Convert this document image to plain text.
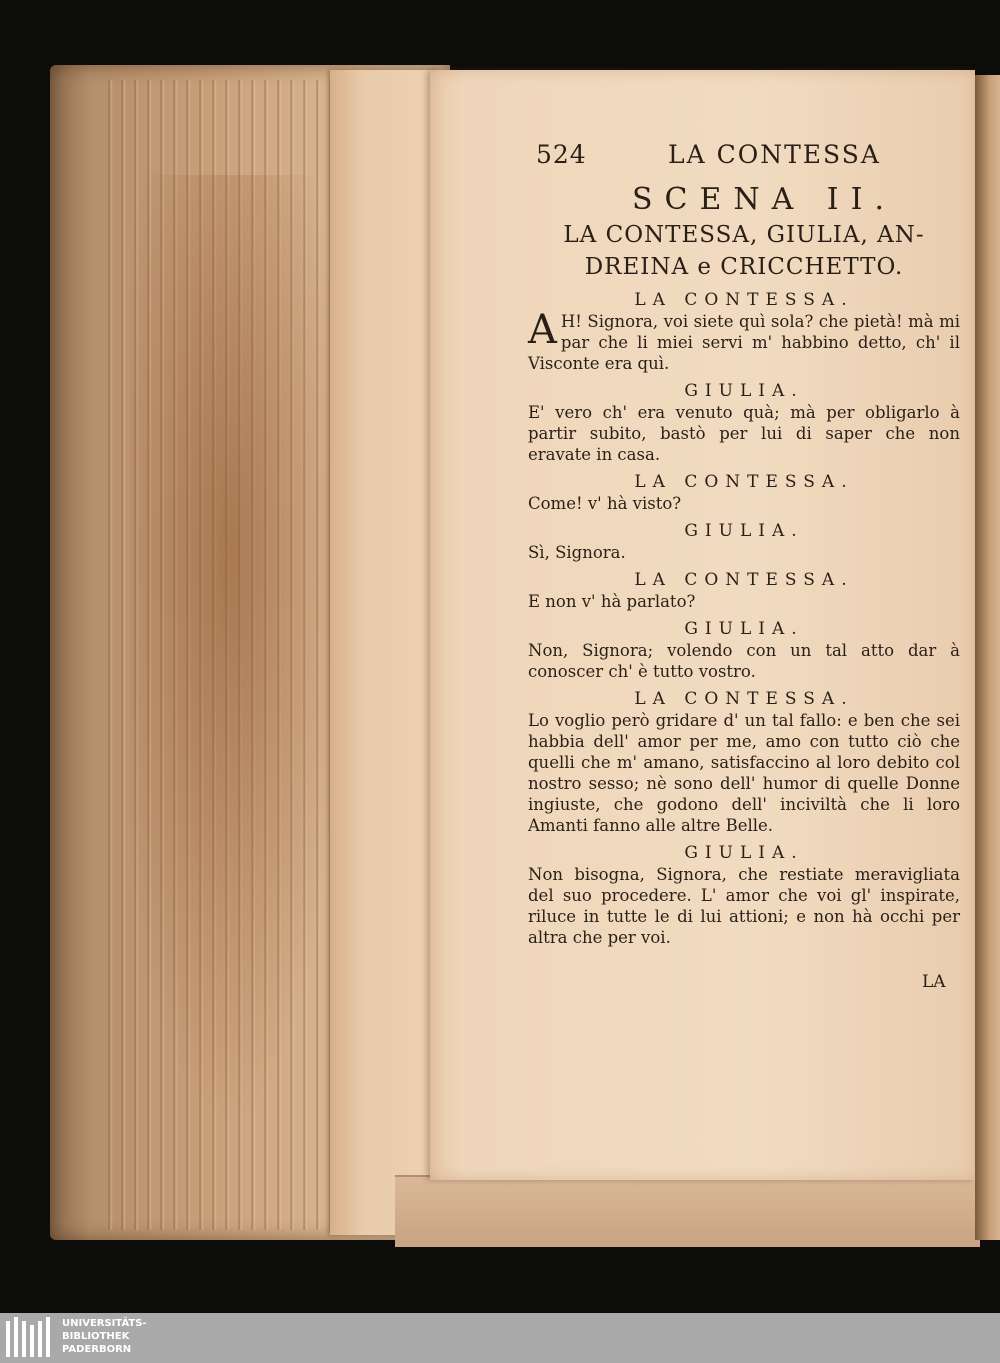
524	LA CONTESSA
SCENA II.
LA CONTESSA, GIULIA, AN-
DREINA e CRICCHETTO.
LA CONTESSA.
A H! Signora, voi siete quì sola? che pietà! mà mi par che li miei servi m' habbino detto, ch' il Visconte era quì.
GIULIA.
E' vero ch' era venuto quà; mà per obligarlo à partir subito, bastò per lui di saper che non eravate in casa.
LA CONTESSA.
Come! v' hà visto?
GIULIA.
Sì, Signora.
LA CONTESSA.
E non v' hà parlato?
GIULIA.
Non, Signora; volendo con un tal atto dar à conoscer ch' è tutto vostro.
LA CONTESSA.
Lo voglio però gridare d' un tal fallo: e ben che sei habbia dell' amor per me, amo con tutto ciò che quelli che m' amano, satisfaccino al loro debito col nostro sesso; nè sono dell' humor di quelle Donne ingiuste, che godono dell' inciviltà che li loro Amanti fanno alle altre Belle.
GIULIA.
Non bisogna, Signora, che restiate meravigliata del suo procedere. L' amor che voi gl' inspirate, riluce in tutte le di lui attioni; e non hà occhi per altra che per voi.
LA
UNIVERSITÄTS-
BIBLIOTHEK
PADERBORN
